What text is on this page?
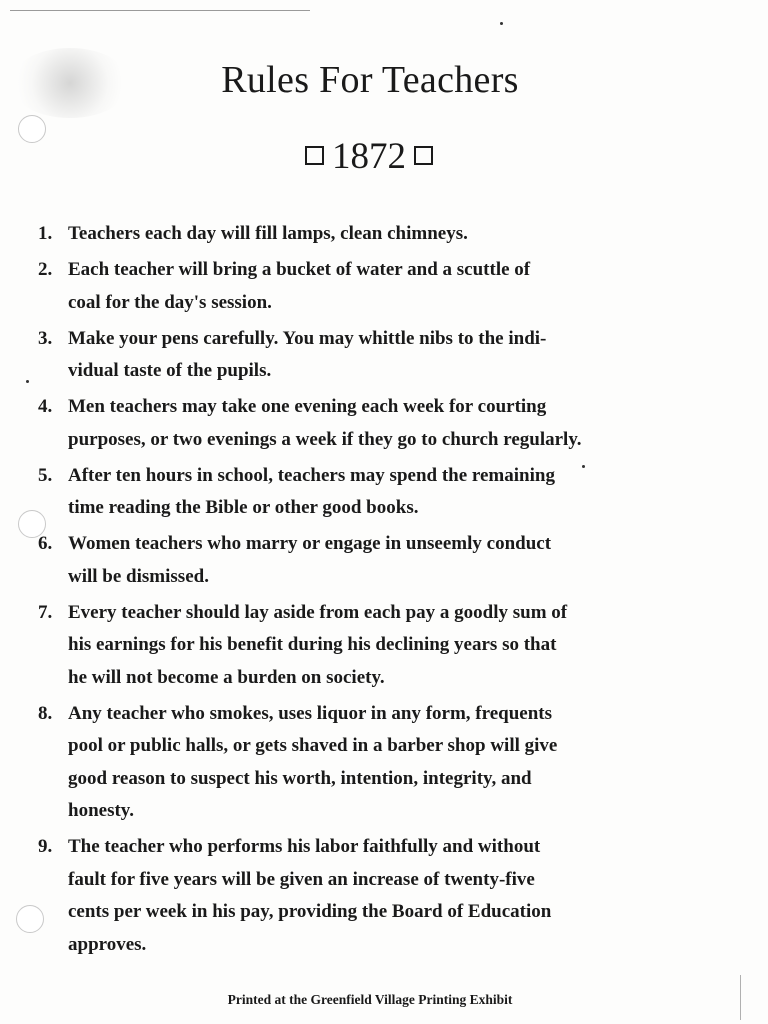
Rules For Teachers
1872
1. Teachers each day will fill lamps, clean chimneys.
2. Each teacher will bring a bucket of water and a scuttle of
coal for the day's session.
3. Make your pens carefully. You may whittle nibs to the indi-
vidual taste of the pupils.
4. Men teachers may take one evening each week for courting
purposes, or two evenings a week if they go to church regularly.
5. After ten hours in school, teachers may spend the remaining
time reading the Bible or other good books.
6. Women teachers who marry or engage in unseemly conduct
will be dismissed.
7. Every teacher should lay aside from each pay a goodly sum of
his earnings for his benefit during his declining years so that
he will not become a burden on society.
8. Any teacher who smokes, uses liquor in any form, frequents
pool or public halls, or gets shaved in a barber shop will give
good reason to suspect his worth, intention, integrity, and
honesty.
9. The teacher who performs his labor faithfully and without
fault for five years will be given an increase of twenty-five
cents per week in his pay, providing the Board of Education
approves.
Printed at the Greenfield Village Printing Exhibit
